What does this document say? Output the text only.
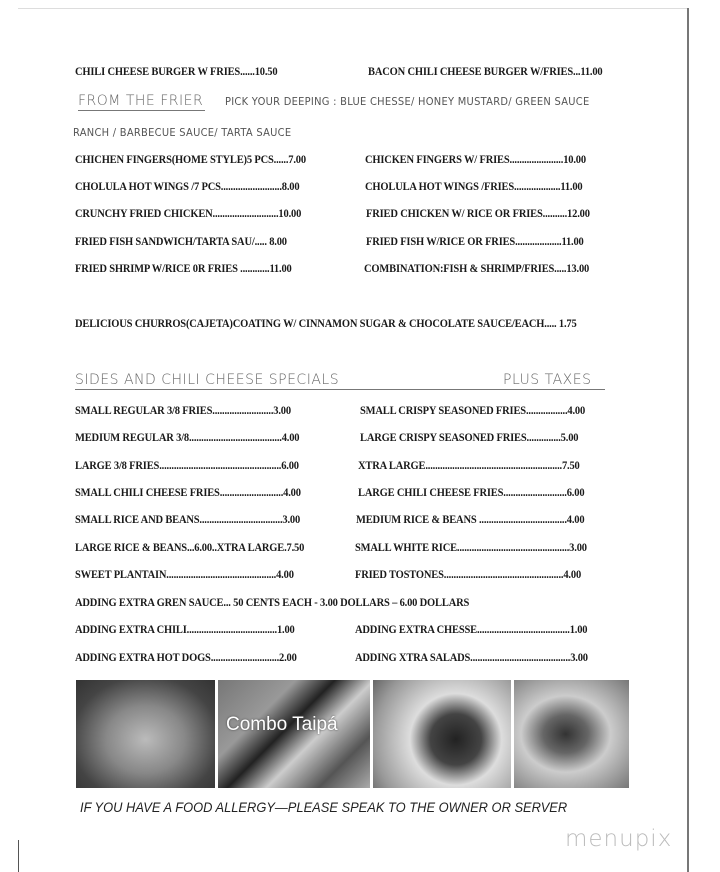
CHILI CHEESE BURGER W FRIES......10.50	BACON CHILI CHEESE BURGER W/FRIES...11.00
FROM THE FRIER PICK YOUR DEEPING : BLUE CHESSE/ HONEY MUSTARD/ GREEN SAUCE
RANCH / BARBECUE SAUCE/ TARTA SAUCE
CHICHEN FINGERS(HOME STYLE)5 PCS......7.00	CHICKEN FINGERS W/ FRIES......................10.00
CHOLULA HOT WINGS /7 PCS.........................8.00	CHOLULA HOT WINGS /FRIES...................11.00
CRUNCHY FRIED CHICKEN...........................10.00	FRIED CHICKEN W/ RICE OR FRIES..........12.00
FRIED FISH SANDWICH/TARTA SAU/..... 8.00	FRIED FISH W/RICE OR FRIES...................11.00
FRIED SHRIMP W/RICE 0R FRIES ............11.00	COMBINATION:FISH & SHRIMP/FRIES.....13.00
DELICIOUS CHURROS(CAJETA)COATING W/ CINNAMON SUGAR & CHOCOLATE SAUCE/EACH..... 1.75
SIDES AND CHILI CHEESE SPECIALS	PLUS TAXES
SMALL REGULAR 3/8 FRIES.........................3.00	SMALL CRISPY SEASONED FRIES.................4.00
MEDIUM REGULAR 3/8......................................4.00	LARGE CRISPY SEASONED FRIES..............5.00
LARGE 3/8 FRIES..................................................6.00	XTRA LARGE........................................................7.50
SMALL CHILI CHEESE FRIES..........................4.00	LARGE CHILI CHEESE FRIES..........................6.00
SMALL RICE AND BEANS..................................3.00	MEDIUM RICE & BEANS ....................................4.00
LARGE RICE & BEANS...6.00..XTRA LARGE.7.50	SMALL WHITE RICE..............................................3.00
SWEET PLANTAIN.............................................4.00	FRIED TOSTONES.................................................4.00
ADDING EXTRA GREN SAUCE... 50 CENTS EACH - 3.00 DOLLARS – 6.00 DOLLARS
ADDING EXTRA CHILI.....................................1.00	ADDING EXTRA CHESSE......................................1.00
ADDING EXTRA HOT DOGS............................2.00	ADDING XTRA SALADS.........................................3.00
Combo Taipá
IF YOU HAVE A FOOD ALLERGY—PLEASE SPEAK TO THE OWNER OR SERVER
menupix
